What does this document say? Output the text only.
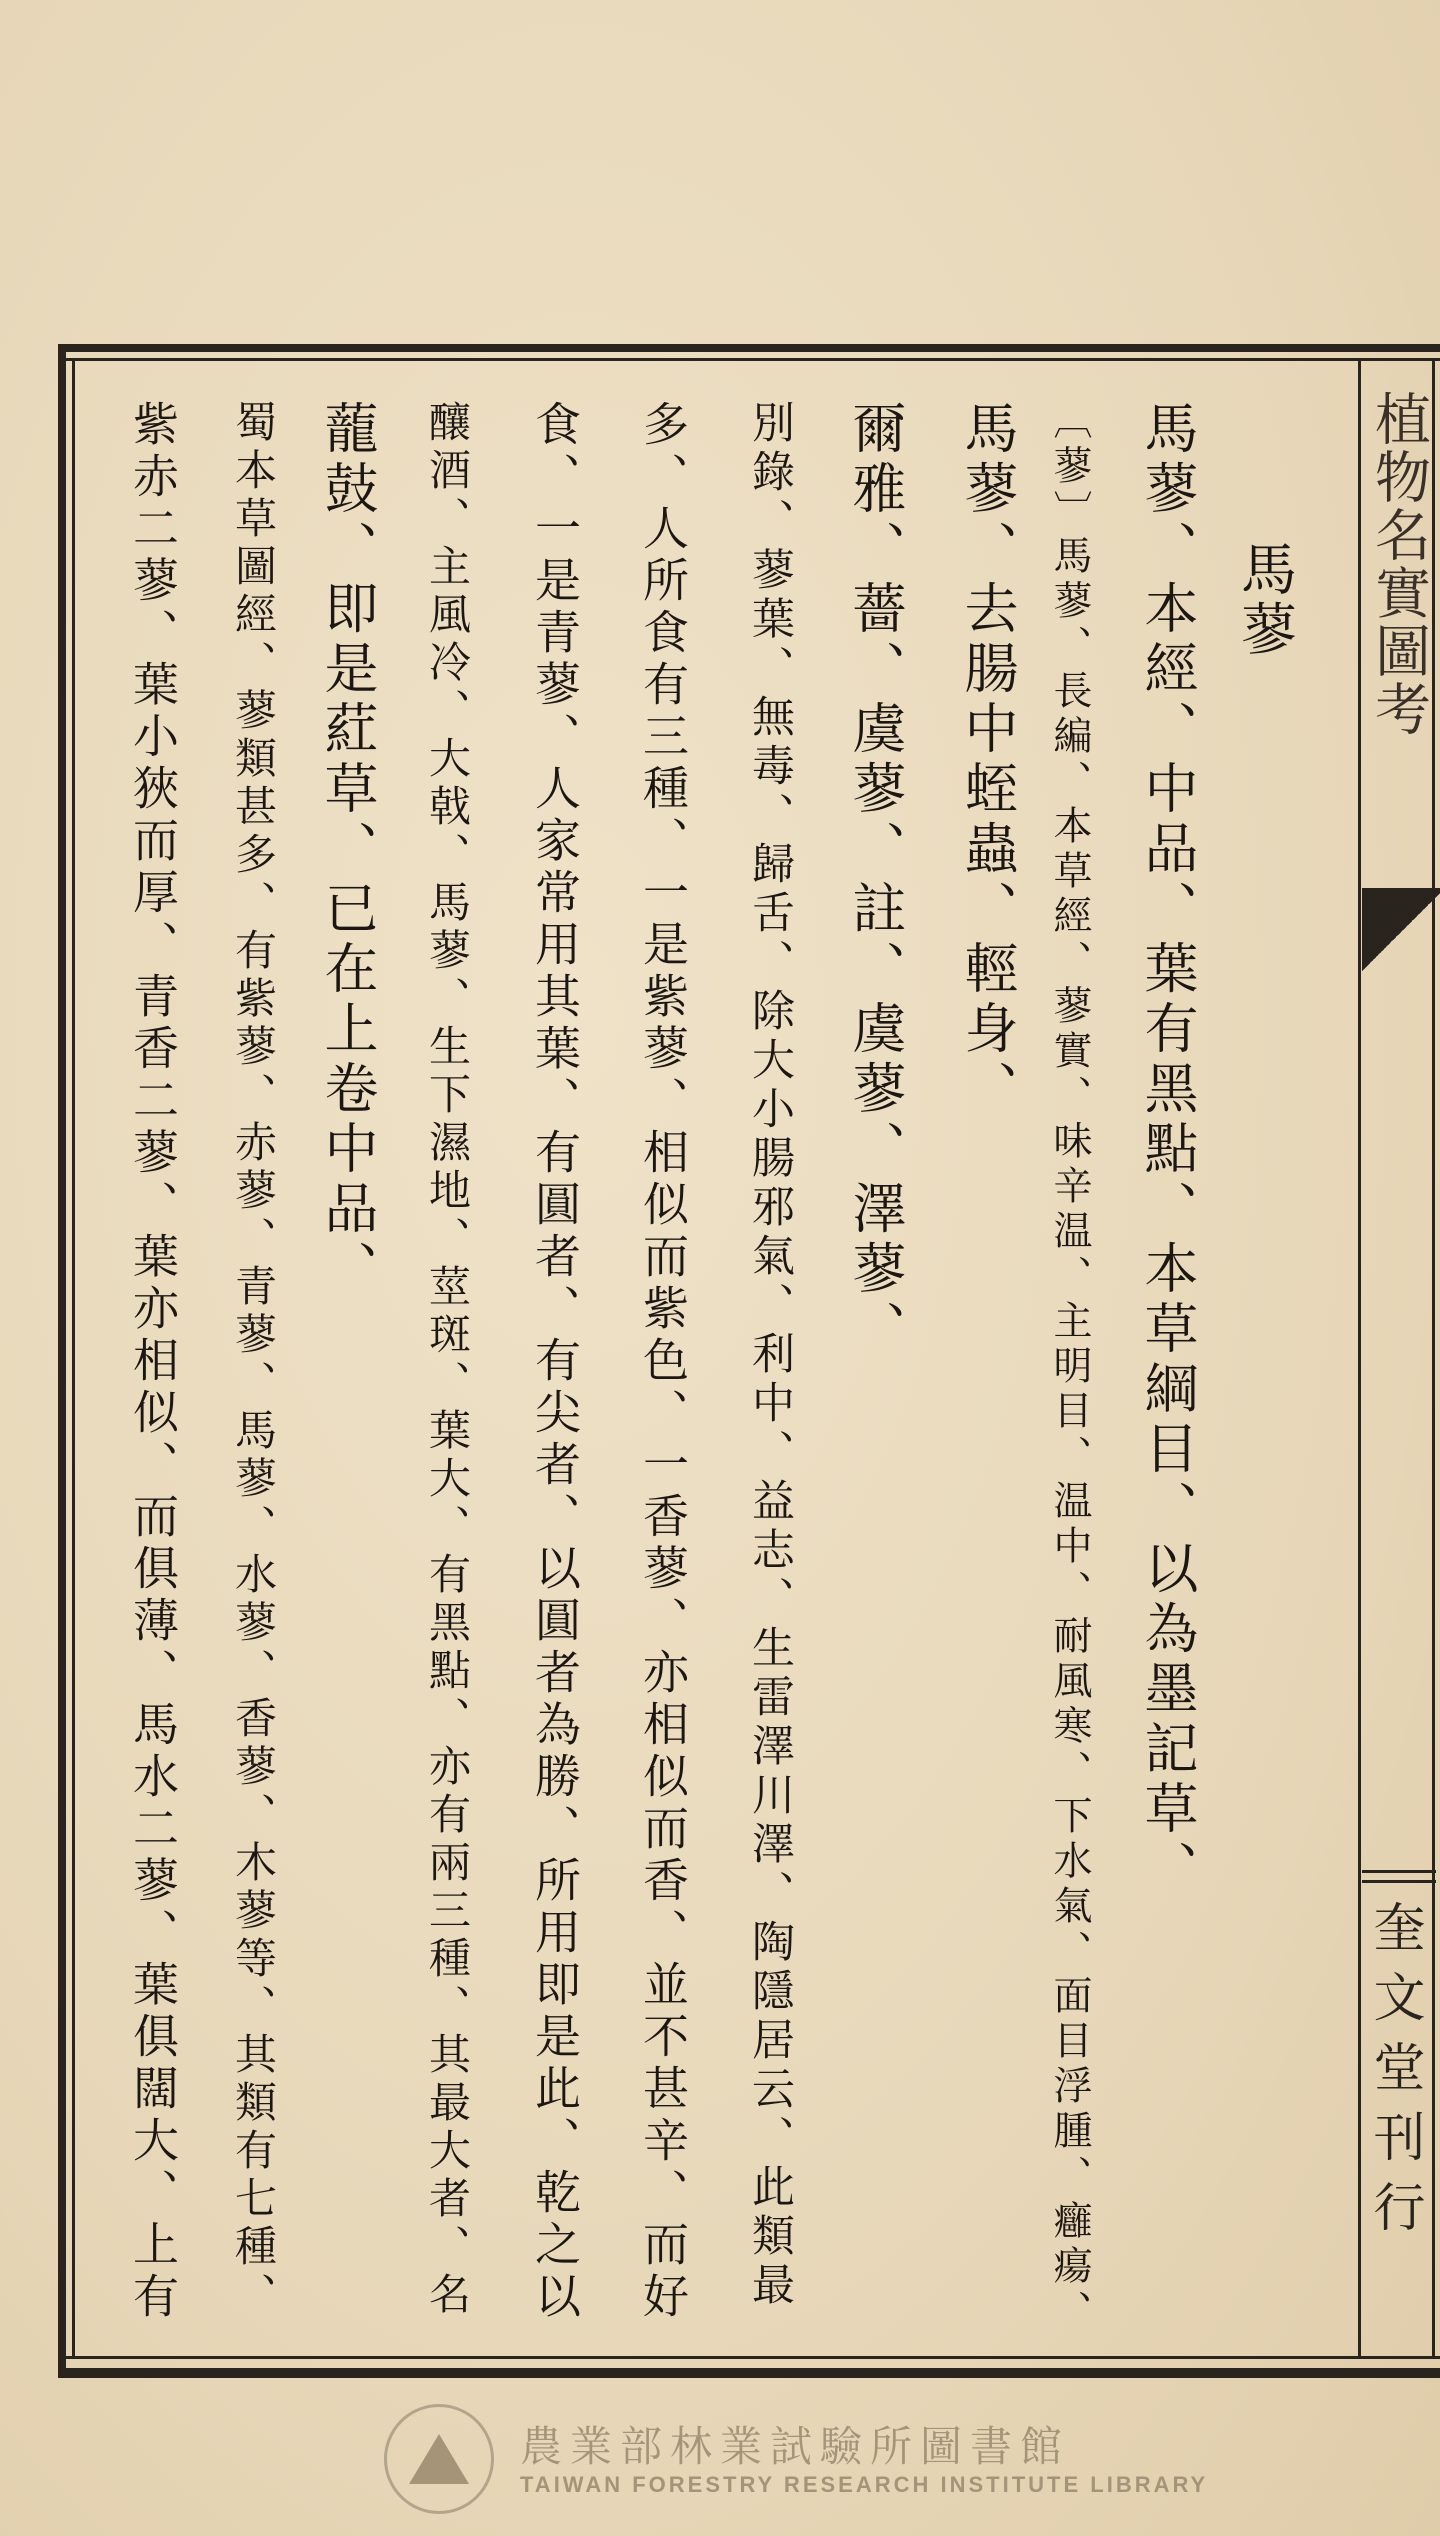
植物名實圖考
奎文堂刊行
馬蓼
馬蓼、本經、中品、葉有黑點、本草綱目、以為墨記草、
〔蓼〕馬蓼、長編、本草經、蓼實、味辛温、主明目、温中、耐風寒、下水氣、面目浮腫、癰瘍、
馬蓼、去腸中蛭蟲、輕身、
爾雅、薔、虞蓼、註、虞蓼、澤蓼、
別錄、蓼葉、無毒、歸舌、除大小腸邪氣、利中、益志、生雷澤川澤、陶隱居云、此類最
多、人所食有三種、一是紫蓼、相似而紫色、一香蓼、亦相似而香、並不甚辛、而好
食、一是青蓼、人家常用其葉、有圓者、有尖者、以圓者為勝、所用即是此、乾之以
釀酒、主風冷、大戟、馬蓼、生下濕地、莖斑、葉大、有黑點、亦有兩三種、其最大者、名
蘢鼓、即是葒草、已在上卷中品、
蜀本草圖經、蓼類甚多、有紫蓼、赤蓼、青蓼、馬蓼、水蓼、香蓼、木蓼等、其類有七種、
紫赤二蓼、葉小狹而厚、青香二蓼、葉亦相似、而俱薄、馬水二蓼、葉俱闊大、上有
農業部林業試驗所圖書館
TAIWAN FORESTRY RESEARCH INSTITUTE LIBRARY
